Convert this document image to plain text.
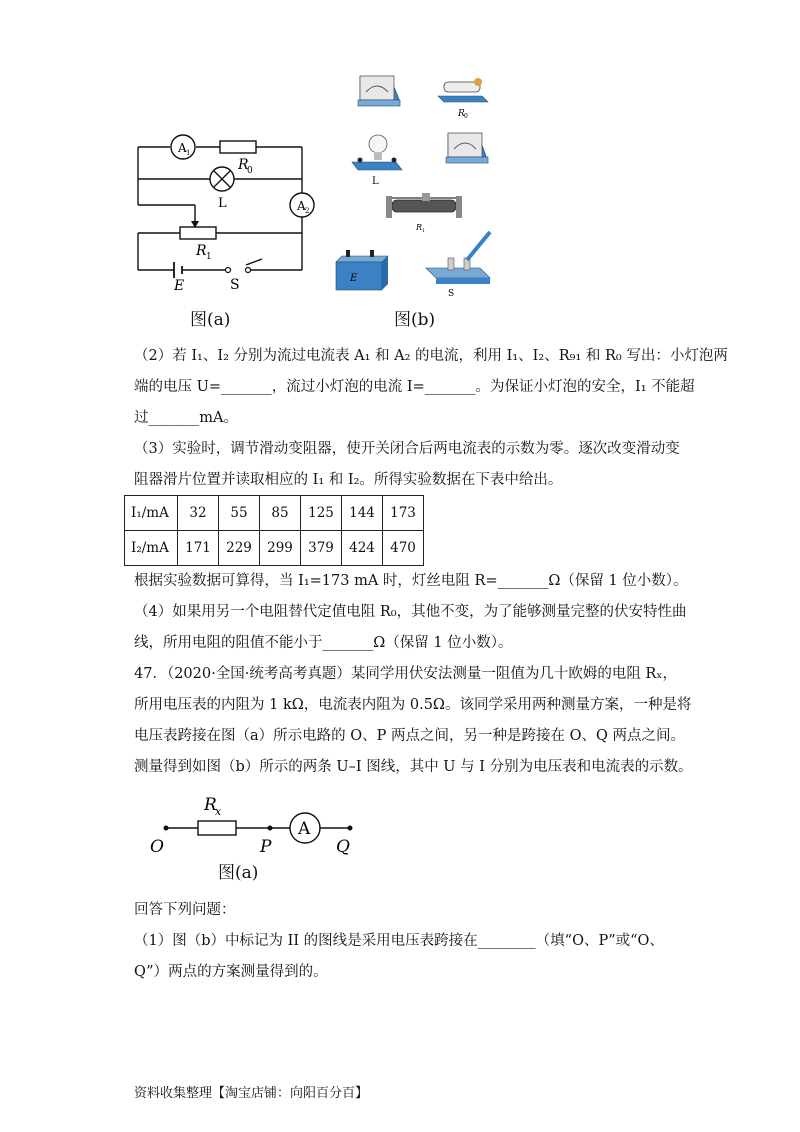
A 1
R
0
L	A 2
R 1
E	S
图(a)
R 0
L
R 1
E
S
图(b)
（2）若 I₁、I₂ 分别为流过电流表 A₁ 和 A₂ 的电流，利用 I₁、I₂、R₉₁ 和 R₀ 写出：小灯泡两
端的电压 U=_______，流过小灯泡的电流 I=_______。为保证小灯泡的安全，I₁ 不能超
过_______mA。
（3）实验时，调节滑动变阻器，使开关闭合后两电流表的示数为零。逐次改变滑动变
阻器滑片位置并读取相应的 I₁ 和 I₂。所得实验数据在下表中给出。
I₁/mA	32	55	85	125	144	173
I₂/mA	171	229	299	379	424	470
根据实验数据可算得，当 I₁=173 mA 时，灯丝电阻 R=_______Ω（保留 1 位小数）。
（4）如果用另一个电阻替代定值电阻 R₀，其他不变，为了能够测量完整的伏安特性曲
线，所用电阻的阻值不能小于_______Ω（保留 1 位小数）。
47．（2020·全国·统考高考真题）某同学用伏安法测量一阻值为几十欧姆的电阻 Rₓ，
所用电压表的内阻为 1 kΩ，电流表内阻为 0.5Ω。该同学采用两种测量方案，一种是将
电压表跨接在图（a）所示电路的 O、P 两点之间，另一种是跨接在 O、Q 两点之间。
测量得到如图（b）所示的两条 U–I 图线，其中 U 与 I 分别为电压表和电流表的示数。
A
R
x
O	P	Q
图(a)
回答下列问题：
（1）图（b）中标记为 II 的图线是采用电压表跨接在________（填“O、P”或“O、
Q”）两点的方案测量得到的。
资料收集整理【淘宝店铺：向阳百分百】
